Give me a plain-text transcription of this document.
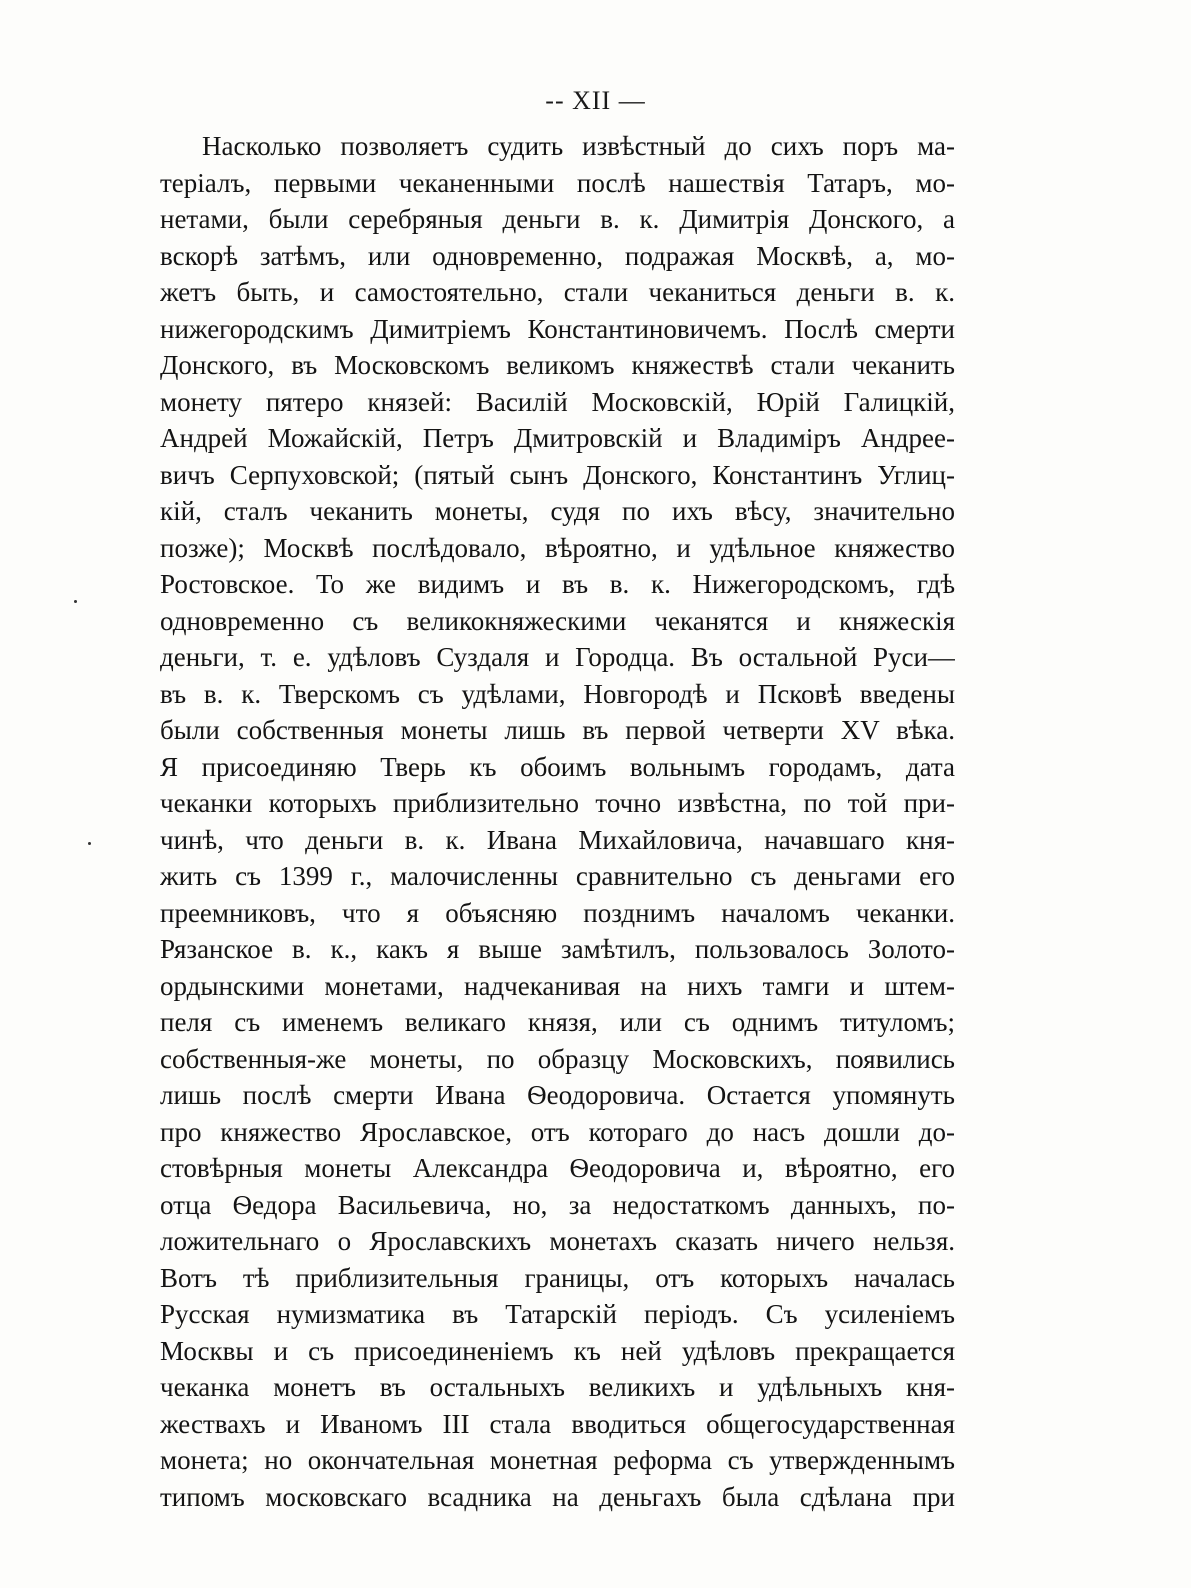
-- XII —
Насколько позволяетъ судить извѣстный до сихъ поръ ма-
теріалъ, первыми чеканенными послѣ нашествія Татаръ, мо-
нетами, были серебряныя деньги в. к. Димитрія Донского, а
вскорѣ затѣмъ, или одновременно, подражая Москвѣ, а, мо-
жетъ быть, и самостоятельно, стали чеканиться деньги в. к.
нижегородскимъ Димитріемъ Константиновичемъ. Послѣ смерти
Донского, въ Московскомъ великомъ княжествѣ стали чеканить
монету пятеро князей: Василій Московскій, Юрій Галицкій,
Андрей Можайскій, Петръ Дмитровскій и Владиміръ Андрее-
вичъ Серпуховской; (пятый сынъ Донского, Константинъ Углиц-
кій, сталъ чеканить монеты, судя по ихъ вѣсу, значительно
позже); Москвѣ послѣдовало, вѣроятно, и удѣльное княжество
Ростовское. То же видимъ и въ в. к. Нижегородскомъ, гдѣ
одновременно съ великокняжескими чеканятся и княжескія
деньги, т. е. удѣловъ Суздаля и Городца. Въ остальной Руси—
въ в. к. Тверскомъ съ удѣлами, Новгородѣ и Псковѣ введены
были собственныя монеты лишь въ первой четверти XV вѣка.
Я присоединяю Тверь къ обоимъ вольнымъ городамъ, дата
чеканки которыхъ приблизительно точно извѣстна, по той при-
чинѣ, что деньги в. к. Ивана Михайловича, начавшаго кня-
жить съ 1399 г., малочисленны сравнительно съ деньгами его
преемниковъ, что я объясняю позднимъ началомъ чеканки.
Рязанское в. к., какъ я выше замѣтилъ, пользовалось Золото-
ордынскими монетами, надчеканивая на нихъ тамги и штем-
пеля съ именемъ великаго князя, или съ однимъ титуломъ;
собственныя-же монеты, по образцу Московскихъ, появились
лишь послѣ смерти Ивана Ѳеодоровича. Остается упомянуть
про княжество Ярославское, отъ котораго до насъ дошли до-
стовѣрныя монеты Александра Ѳеодоровича и, вѣроятно, его
отца Ѳедора Васильевича, но, за недостаткомъ данныхъ, по-
ложительнаго о Ярославскихъ монетахъ сказать ничего нельзя.
Вотъ тѣ приблизительныя границы, отъ которыхъ началась
Русская нумизматика въ Татарскій періодъ. Съ усиленіемъ
Москвы и съ присоединеніемъ къ ней удѣловъ прекращается
чеканка монетъ въ остальныхъ великихъ и удѣльныхъ кня-
жествахъ и Иваномъ III стала вводиться общегосударственная
монета; но окончательная монетная реформа съ утвержденнымъ
типомъ московскаго всадника на деньгахъ была сдѣлана при
